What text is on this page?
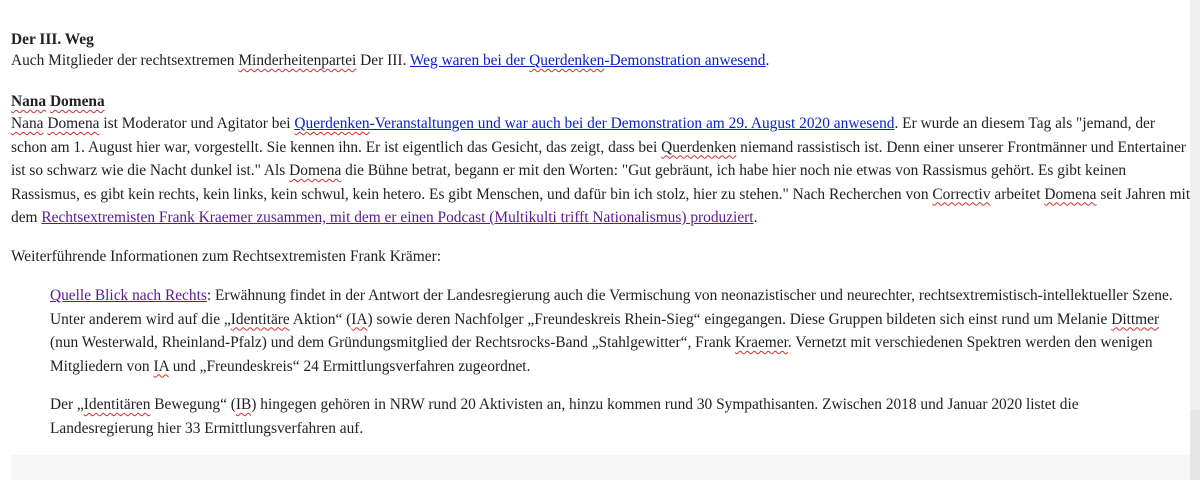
Der III. Weg

Auch Mitglieder der rechtsextremen Minderheitenpartei Der III. Weg waren bei der Querdenken-Demonstration anwesend.

Nana Domena

Nana Domena ist Moderator und Agitator bei Querdenken-Veranstaltungen und war auch bei der Demonstration am 29. August 2020 anwesend. Er wurde an diesem Tag als "jemand, der schon am 1. August hier war, vorgestellt. Sie kennen ihn. Er ist eigentlich das Gesicht, das zeigt, dass bei Querdenken niemand rassistisch ist. Denn einer unserer Frontmänner und Entertainer ist so schwarz wie die Nacht dunkel ist." Als Domena die Bühne betrat, begann er mit den Worten: "Gut gebräunt, ich habe hier noch nie etwas von Rassismus gehört. Es gibt keinen Rassismus, es gibt kein rechts, kein links, kein schwul, kein hetero. Es gibt Menschen, und dafür bin ich stolz, hier zu stehen." Nach Recherchen von Correctiv arbeitet Domena seit Jahren mit dem Rechtsextremisten Frank Kraemer zusammen, mit dem er einen Podcast (Multikulti trifft Nationalismus) produziert.

Weiterführende Informationen zum Rechtsextremisten Frank Krämer:

Quelle Blick nach Rechts: Erwähnung findet in der Antwort der Landesregierung auch die Vermischung von neonazistischer und neurechter, rechtsextremistisch-intellektueller Szene. Unter anderem wird auf die „Identitäre Aktion“ (IA) sowie deren Nachfolger „Freundeskreis Rhein-Sieg“ eingegangen. Diese Gruppen bildeten sich einst rund um Melanie Dittmer (nun Westerwald, Rheinland-Pfalz) und dem Gründungsmitglied der Rechtsrocks-Band „Stahlgewitter“, Frank Kraemer. Vernetzt mit verschiedenen Spektren werden den wenigen Mitgliedern von IA und „Freundeskreis“ 24 Ermittlungsverfahren zugeordnet.

Der „Identitären Bewegung“ (IB) hingegen gehören in NRW rund 20 Aktivisten an, hinzu kommen rund 30 Sympathisanten. Zwischen 2018 und Januar 2020 listet die Landesregierung hier 33 Ermittlungsverfahren auf.
